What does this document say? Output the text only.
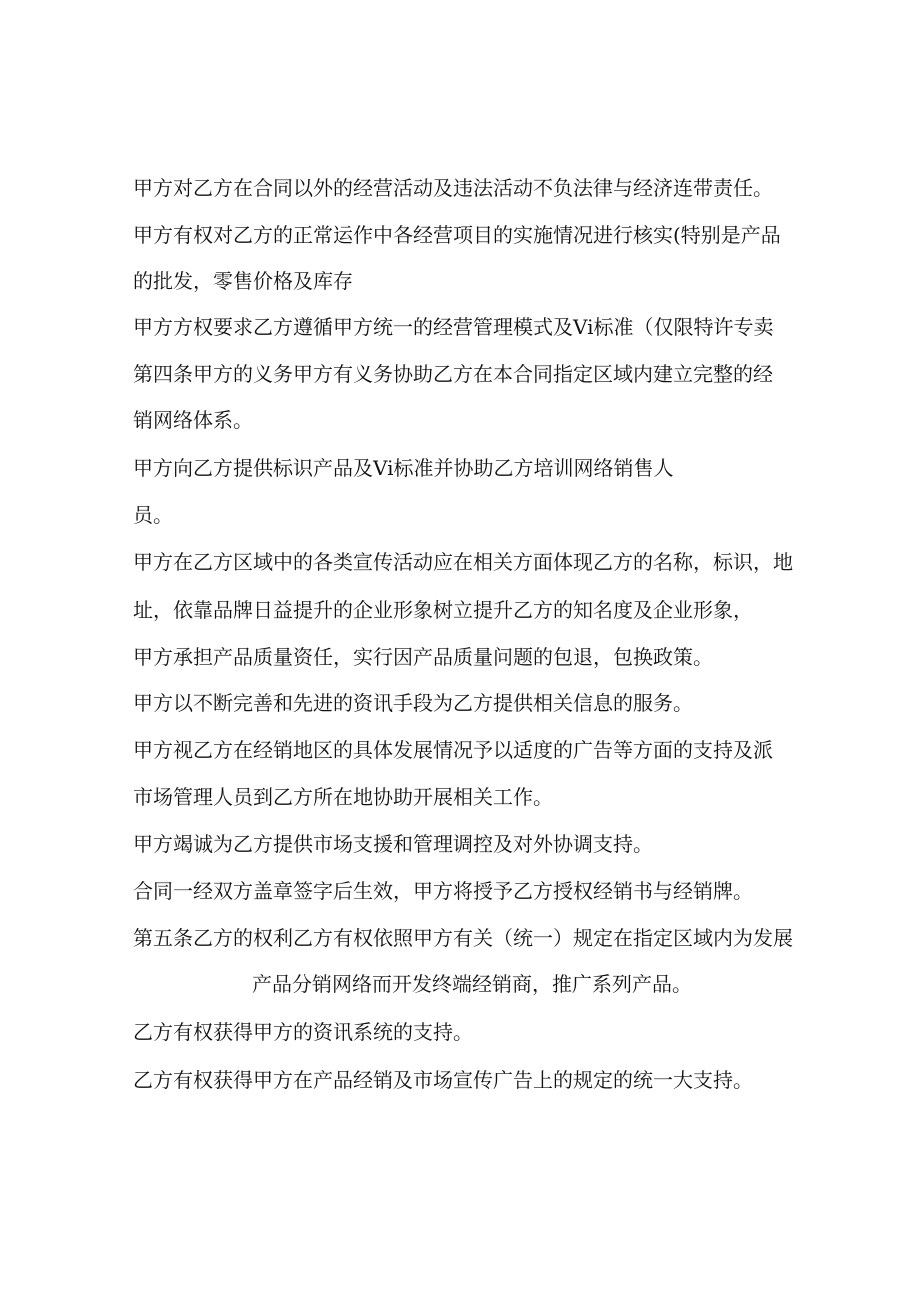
甲方对乙方在合同以外的经营活动及违法活动不负法律与经济连带责任。

甲方有权对乙方的正常运作中各经营项目的实施情况进行核实(特别是产品

的批发，零售价格及库存

甲方方权要求乙方遵循甲方统一的经营管理模式及Vi标准（仅限特许专卖

第四条甲方的义务甲方有义务协助乙方在本合同指定区域内建立完整的经

销网络体系。

甲方向乙方提供标识产品及Vi标准并协助乙方培训网络销售人

员。

甲方在乙方区域中的各类宣传活动应在相关方面体现乙方的名称，标识，地

址，依靠品牌日益提升的企业形象树立提升乙方的知名度及企业形象，

甲方承担产品质量资任，实行因产品质量问题的包退，包换政策。

甲方以不断完善和先进的资讯手段为乙方提供相关信息的服务。

甲方视乙方在经销地区的具体发展情况予以适度的广告等方面的支持及派

市场管理人员到乙方所在地协助开展相关工作。

甲方竭诚为乙方提供市场支援和管理调控及对外协调支持。

合同一经双方盖章签字后生效，甲方将授予乙方授权经销书与经销牌。

第五条乙方的权利乙方有权依照甲方有关（统一）规定在指定区域内为发展

产品分销网络而开发终端经销商，推广系列产品。

乙方有权获得甲方的资讯系统的支持。

乙方有权获得甲方在产品经销及市场宣传广告上的规定的统一大支持。
